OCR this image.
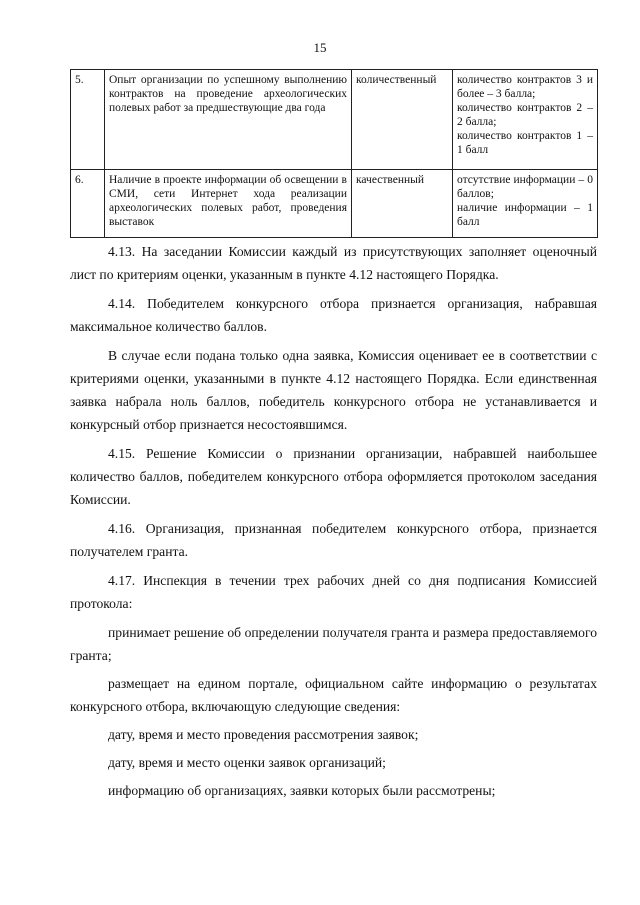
15
5.	Опыт организации по успешному выполнению контрактов на проведение археологических полевых работ за предшествующие два года	количественный	количество контрактов 3 и более – 3 балла;
количество контрактов 2 – 2 балла;
количество контрактов 1 – 1 балл

6.	Наличие в проекте информации об освещении в СМИ, сети Интернет хода реализации археологических полевых работ, проведения выставок	качественный	отсутствие информации – 0 баллов;
наличие информации – 1 балл

4.13. На заседании Комиссии каждый из присутствующих заполняет оценочный лист по критериям оценки, указанным в пункте 4.12 настоящего Порядка.

4.14. Победителем конкурсного отбора признается организация, набравшая максимальное количество баллов.

В случае если подана только одна заявка, Комиссия оценивает ее в соответствии с критериями оценки, указанными в пункте 4.12 настоящего Порядка. Если единственная заявка набрала ноль баллов, победитель конкурсного отбора не устанавливается и конкурсный отбор признается несостоявшимся.

4.15. Решение Комиссии о признании организации, набравшей наибольшее количество баллов, победителем конкурсного отбора оформляется протоколом заседания Комиссии.

4.16. Организация, признанная победителем конкурсного отбора, признается получателем гранта.

4.17. Инспекция в течении трех рабочих дней со дня подписания Комиссией протокола:

принимает решение об определении получателя гранта и размера предоставляемого гранта;

размещает на едином портале, официальном сайте информацию о результатах конкурсного отбора, включающую следующие сведения:

дату, время и место проведения рассмотрения заявок;

дату, время и место оценки заявок организаций;

информацию об организациях, заявки которых были рассмотрены;
